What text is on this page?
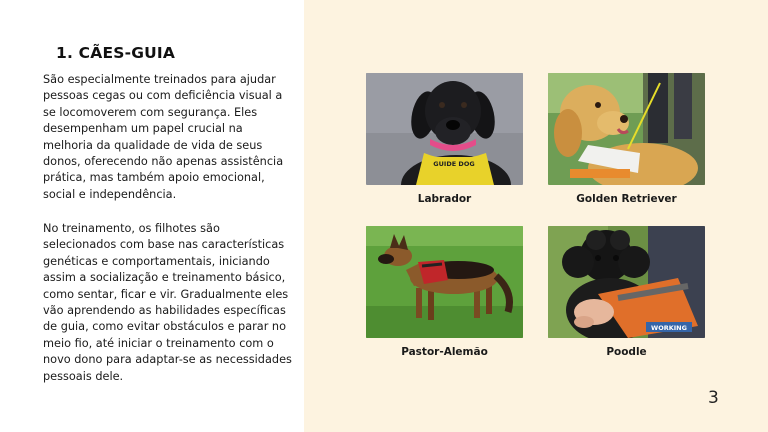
1. CÃES-GUIA

São especialmente treinados para ajudar pessoas cegas ou com deficiência visual a se locomoverem com segurança. Eles desempenham um papel crucial na melhoria da qualidade de vida de seus donos, oferecendo não apenas assistência prática, mas também apoio emocional, social e independência.

No treinamento, os filhotes são selecionados com base nas características genéticas e comportamentais, iniciando assim a socialização e treinamento básico, como sentar, ficar e vir. Gradualmente eles vão aprendendo as habilidades específicas de guia, como evitar obstáculos e parar no meio fio, até iniciar o treinamento com o novo dono para adaptar-se as necessidades pessoais dele.

GUIDE DOG
Labrador	Golden Retriever
Pastor-Alemão
WORKING
Poodle
3
